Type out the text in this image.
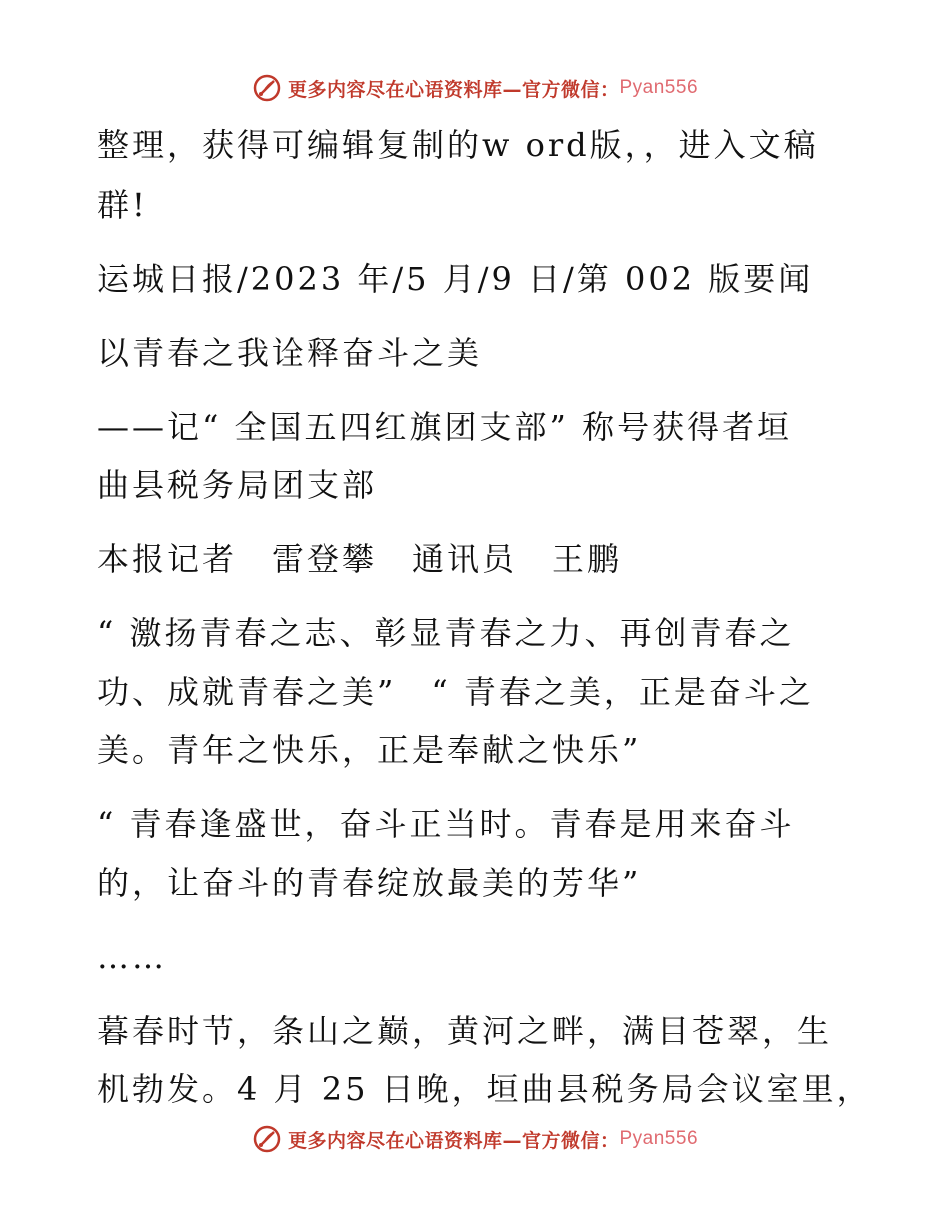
更多内容尽在心语资料库—官方微信： Pyan556
整理，获得可编辑复制的w ord版，，进入文稿
群!
运城日报/2023 年/5 月/9 日/第 002 版要闻
以青春之我诠释奋斗之美
——记“ 全国五四红旗团支部” 称号获得者垣
曲县税务局团支部
本报记者　雷登攀　通讯员　王鹏
“ 激扬青春之志、彰显青春之力、再创青春之
功、成就青春之美”　“ 青春之美，正是奋斗之
美。青年之快乐，正是奉献之快乐”
“ 青春逢盛世，奋斗正当时。青春是用来奋斗
的，让奋斗的青春绽放最美的芳华”
……
暮春时节，条山之巅，黄河之畔，满目苍翠，生
机勃发。4 月 25 日晚，垣曲县税务局会议室里，
更多内容尽在心语资料库—官方微信： Pyan556
